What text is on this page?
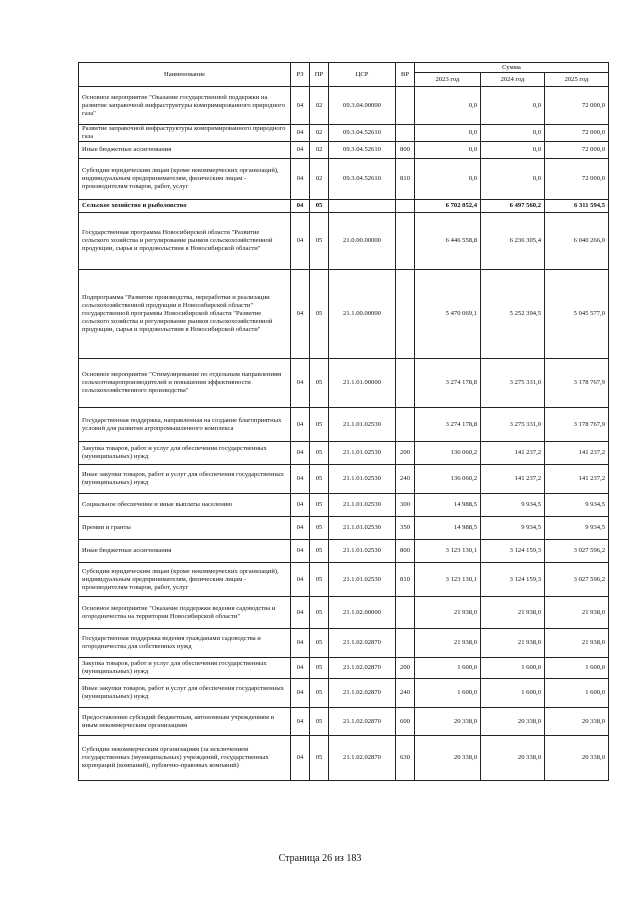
Наименование	РЗ	ПР	ЦСР	ВР	Сумма		
					2023 год	2024 год	2025 год
Основное мероприятие "Оказание государственной поддержки на развитие заправочной инфраструктуры компримированного природного газа"	04	02	09.3.04.00000		0,0	0,0	72 000,0
Развитие заправочной инфраструктуры компримированного природного газа	04	02	09.3.04.52610		0,0	0,0	72 000,0
Иные бюджетные ассигнования	04	02	09.3.04.52610	800	0,0	0,0	72 000,0
Субсидии юридическим лицам (кроме некоммерческих организаций), индивидуальным предпринимателям, физическим лицам - производителям товаров, работ, услуг	04	02	09.3.04.52610	810	0,0	0,0	72 000,0
Сельское хозяйство и рыболовство	04	05			6 702 052,4	6 497 560,2	6 311 594,5
Государственная программа Новосибирской области "Развитие сельского хозяйства и регулирование рынков сельскохозяйственной продукции, сырья и продовольствия в Новосибирской области"	04	05	21.0.00.00000		6 446 558,8	6 236 305,4	6 040 266,0
Подпрограмма "Развитие производства, переработки и реализации сельскохозяйственной продукции в Новосибирской области" государственной программы Новосибирской области "Развитие сельского хозяйства и регулирование рынков сельскохозяйственной продукции, сырья и продовольствия в Новосибирской области"	04	05	21.1.00.00000		5 470 069,1	5 252 394,5	5 045 577,0
Основное мероприятие "Стимулирование по отдельным направлениям сельхозтоваропроизводителей и повышения эффективности сельскохозяйственного производства"	04	05	21.1.01.00000		3 274 178,8	3 275 331,0	3 178 767,9
Государственная поддержка, направленная на создание благоприятных условий для развития агропромышленного комплекса	04	05	21.1.01.02530		3 274 178,8	3 275 331,0	3 178 767,9
Закупка товаров, работ и услуг для обеспечения государственных (муниципальных) нужд	04	05	21.1.01.02530	200	136 060,2	141 237,2	141 237,2
Иные закупки товаров, работ и услуг для обеспечения государственных (муниципальных) нужд	04	05	21.1.01.02530	240	136 060,2	141 237,2	141 237,2
Социальное обеспечение и иные выплаты населению	04	05	21.1.01.02530	300	14 988,5	9 934,5	9 934,5
Премии и гранты	04	05	21.1.01.02530	350	14 988,5	9 934,5	9 934,5
Иные бюджетные ассигнования	04	05	21.1.01.02530	800	3 123 130,1	3 124 159,3	3 027 596,2
Субсидии юридическим лицам (кроме некоммерческих организаций), индивидуальным предпринимателям, физическим лицам - производителям товаров, работ, услуг	04	05	21.1.01.02530	810	3 123 130,1	3 124 159,3	3 027 596,2
Основное мероприятие "Оказание поддержки ведения садоводства и огородничества на территории Новосибирской области"	04	05	21.1.02.00000		21 938,0	21 938,0	21 938,0
Государственная поддержка ведения гражданами садоводства и огородничества для собственных нужд	04	05	21.1.02.02870		21 938,0	21 938,0	21 938,0
Закупка товаров, работ и услуг для обеспечения государственных (муниципальных) нужд	04	05	21.1.02.02870	200	1 600,0	1 600,0	1 600,0
Иные закупки товаров, работ и услуг для обеспечения государственных (муниципальных) нужд	04	05	21.1.02.02870	240	1 600,0	1 600,0	1 600,0
Предоставление субсидий бюджетным, автономным учреждениям и иным некоммерческим организациям	04	05	21.1.02.02870	600	20 338,0	20 338,0	20 338,0
Субсидии некоммерческим организациям (за исключением государственных (муниципальных) учреждений, государственных корпораций (компаний), публично-правовых компаний)	04	05	21.1.02.02870	630	20 338,0	20 338,0	20 338,0
Страница 26 из 183
